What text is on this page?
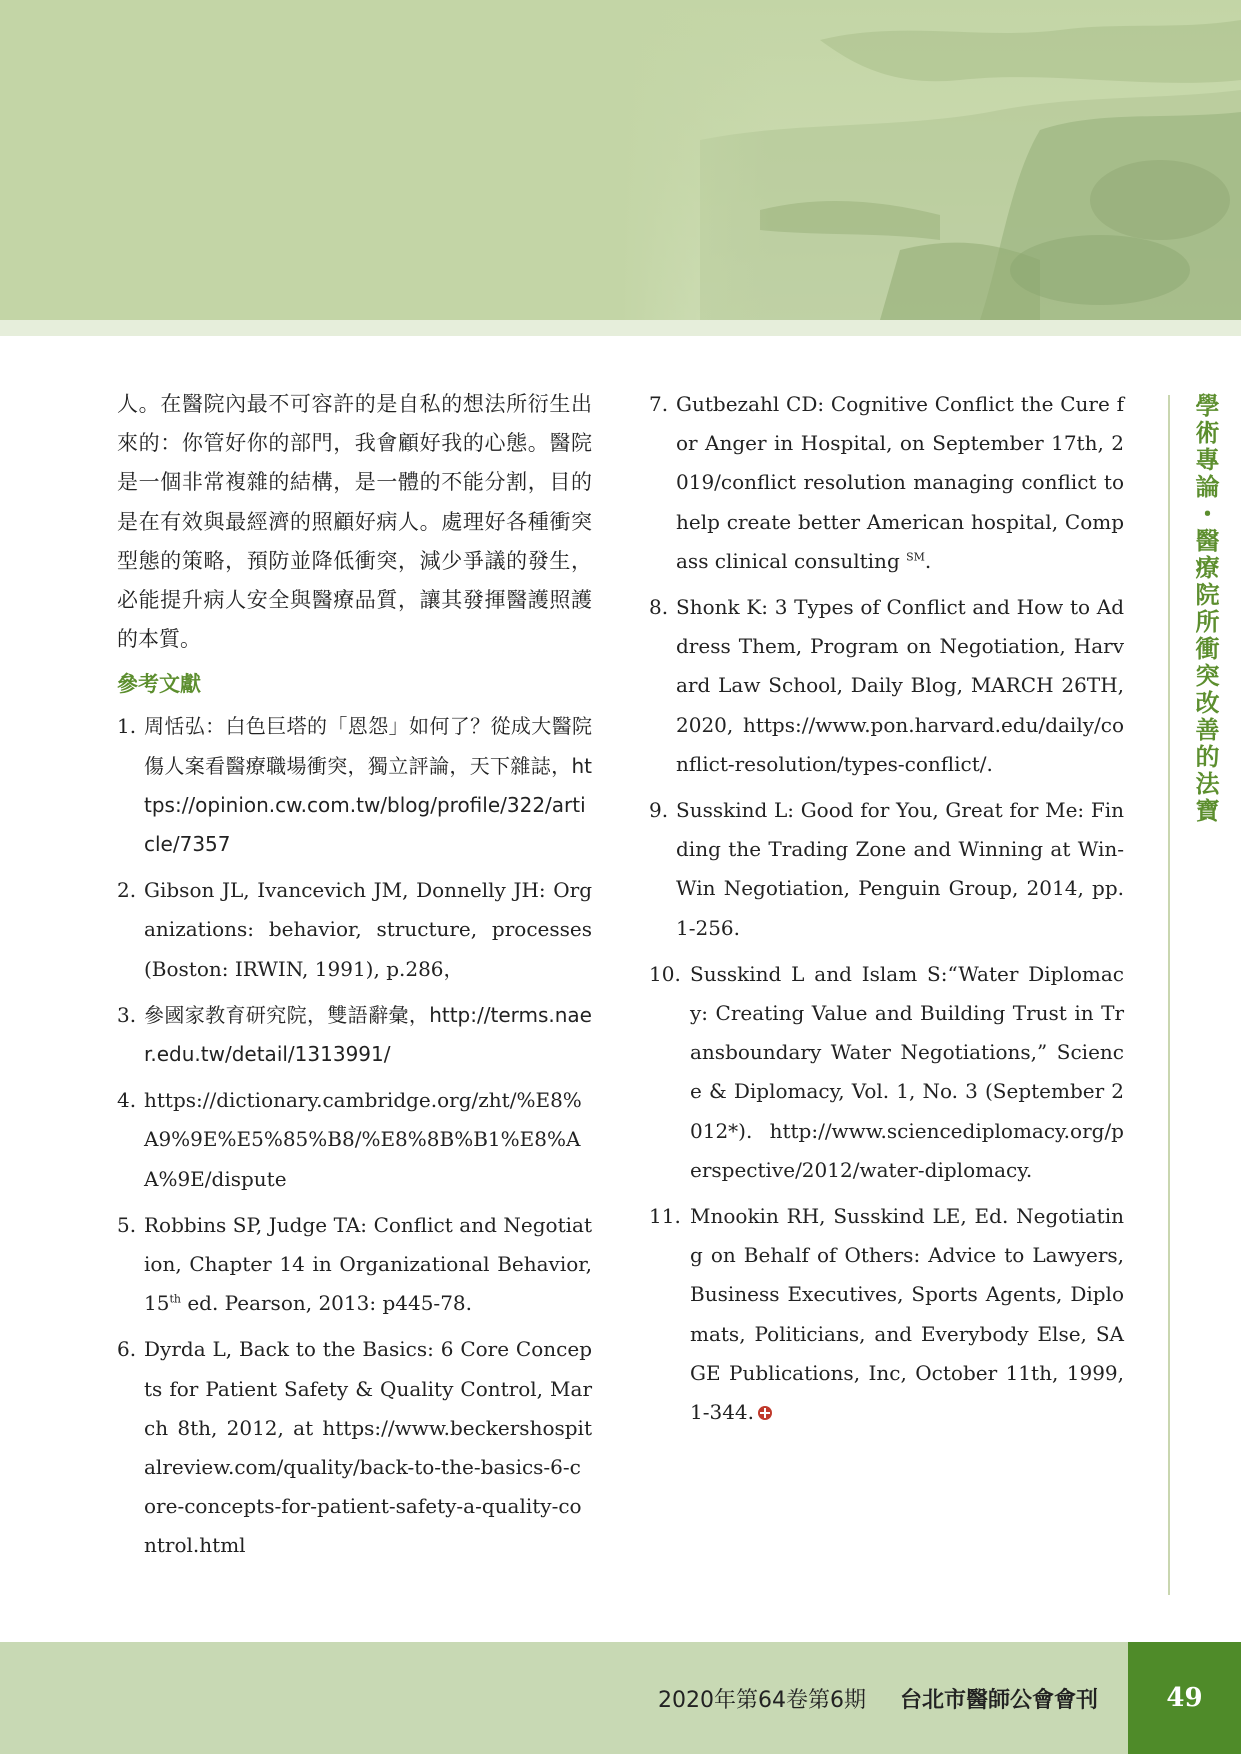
人。在醫院內最不可容許的是自私的想法所衍生出來的：你管好你的部門，我會顧好我的心態。醫院是一個非常複雜的結構，是一體的不能分割，目的是在有效與最經濟的照顧好病人。處理好各種衝突型態的策略，預防並降低衝突，減少爭議的發生，必能提升病人安全與醫療品質，讓其發揮醫護照護的本質。

參考文獻
1. 周恬弘：白色巨塔的「恩怨」如何了？從成大醫院傷人案看醫療職場衝突，獨立評論，天下雜誌，https://opinion.cw.com.tw/blog/profile/322/article/7357
2. Gibson JL, Ivancevich JM, Donnelly JH: Organizations: behavior, structure, processes (Boston: IRWIN, 1991), p.286，
3. 參國家教育研究院，雙語辭彙，http://terms.naer.edu.tw/detail/1313991/
4. https://dictionary.cambridge.org/zht/%E8%A9%9E%E5%85%B8/%E8%8B%B1%E8%AA%9E/dispute
5. Robbins SP, Judge TA: Conflict and Negotiation, Chapter 14 in Organizational Behavior,15th ed. Pearson, 2013: p445-78.
6. Dyrda L, Back to the Basics: 6 Core Concepts for Patient Safety & Quality Control, March 8th, 2012, at https://www.beckershospitalreview.com/quality/back-to-the-basics-6-core-concepts-for-patient-safety-a-quality-control.html
7. Gutbezahl CD: Cognitive Conflict the Cure for Anger in Hospital, on September 17th, 2019/conflict resolution managing conflict to help create better American hospital, Compass clinical consulting ℠.
8. Shonk K: 3 Types of Conflict and How to Address Them, Program on Negotiation, Harvard Law School, Daily Blog, MARCH 26TH, 2020, https://www.pon.harvard.edu/daily/conflict-resolution/types-conflict/.
9. Susskind L: Good for You, Great for Me: Finding the Trading Zone and Winning at Win-Win Negotiation, Penguin Group, 2014, pp.1-256.
10. Susskind L and Islam S:“Water Diplomacy: Creating Value and Building Trust in Transboundary Water Negotiations,” Science & Diplomacy, Vol. 1, No. 3 (September 2012*). http://www.sciencediplomacy.org/perspective/2012/water-diplomacy.
11. Mnookin RH, Susskind LE, Ed. Negotiating on Behalf of Others: Advice to Lawyers, Business Executives, Sports Agents, Diplomats, Politicians, and Everybody Else, SAGE Publications, Inc, October 11th, 1999, 1-344.
學術專論・醫療院所衝突改善的法寶
2020年第64卷第6期 台北市醫師公會會刊	49
